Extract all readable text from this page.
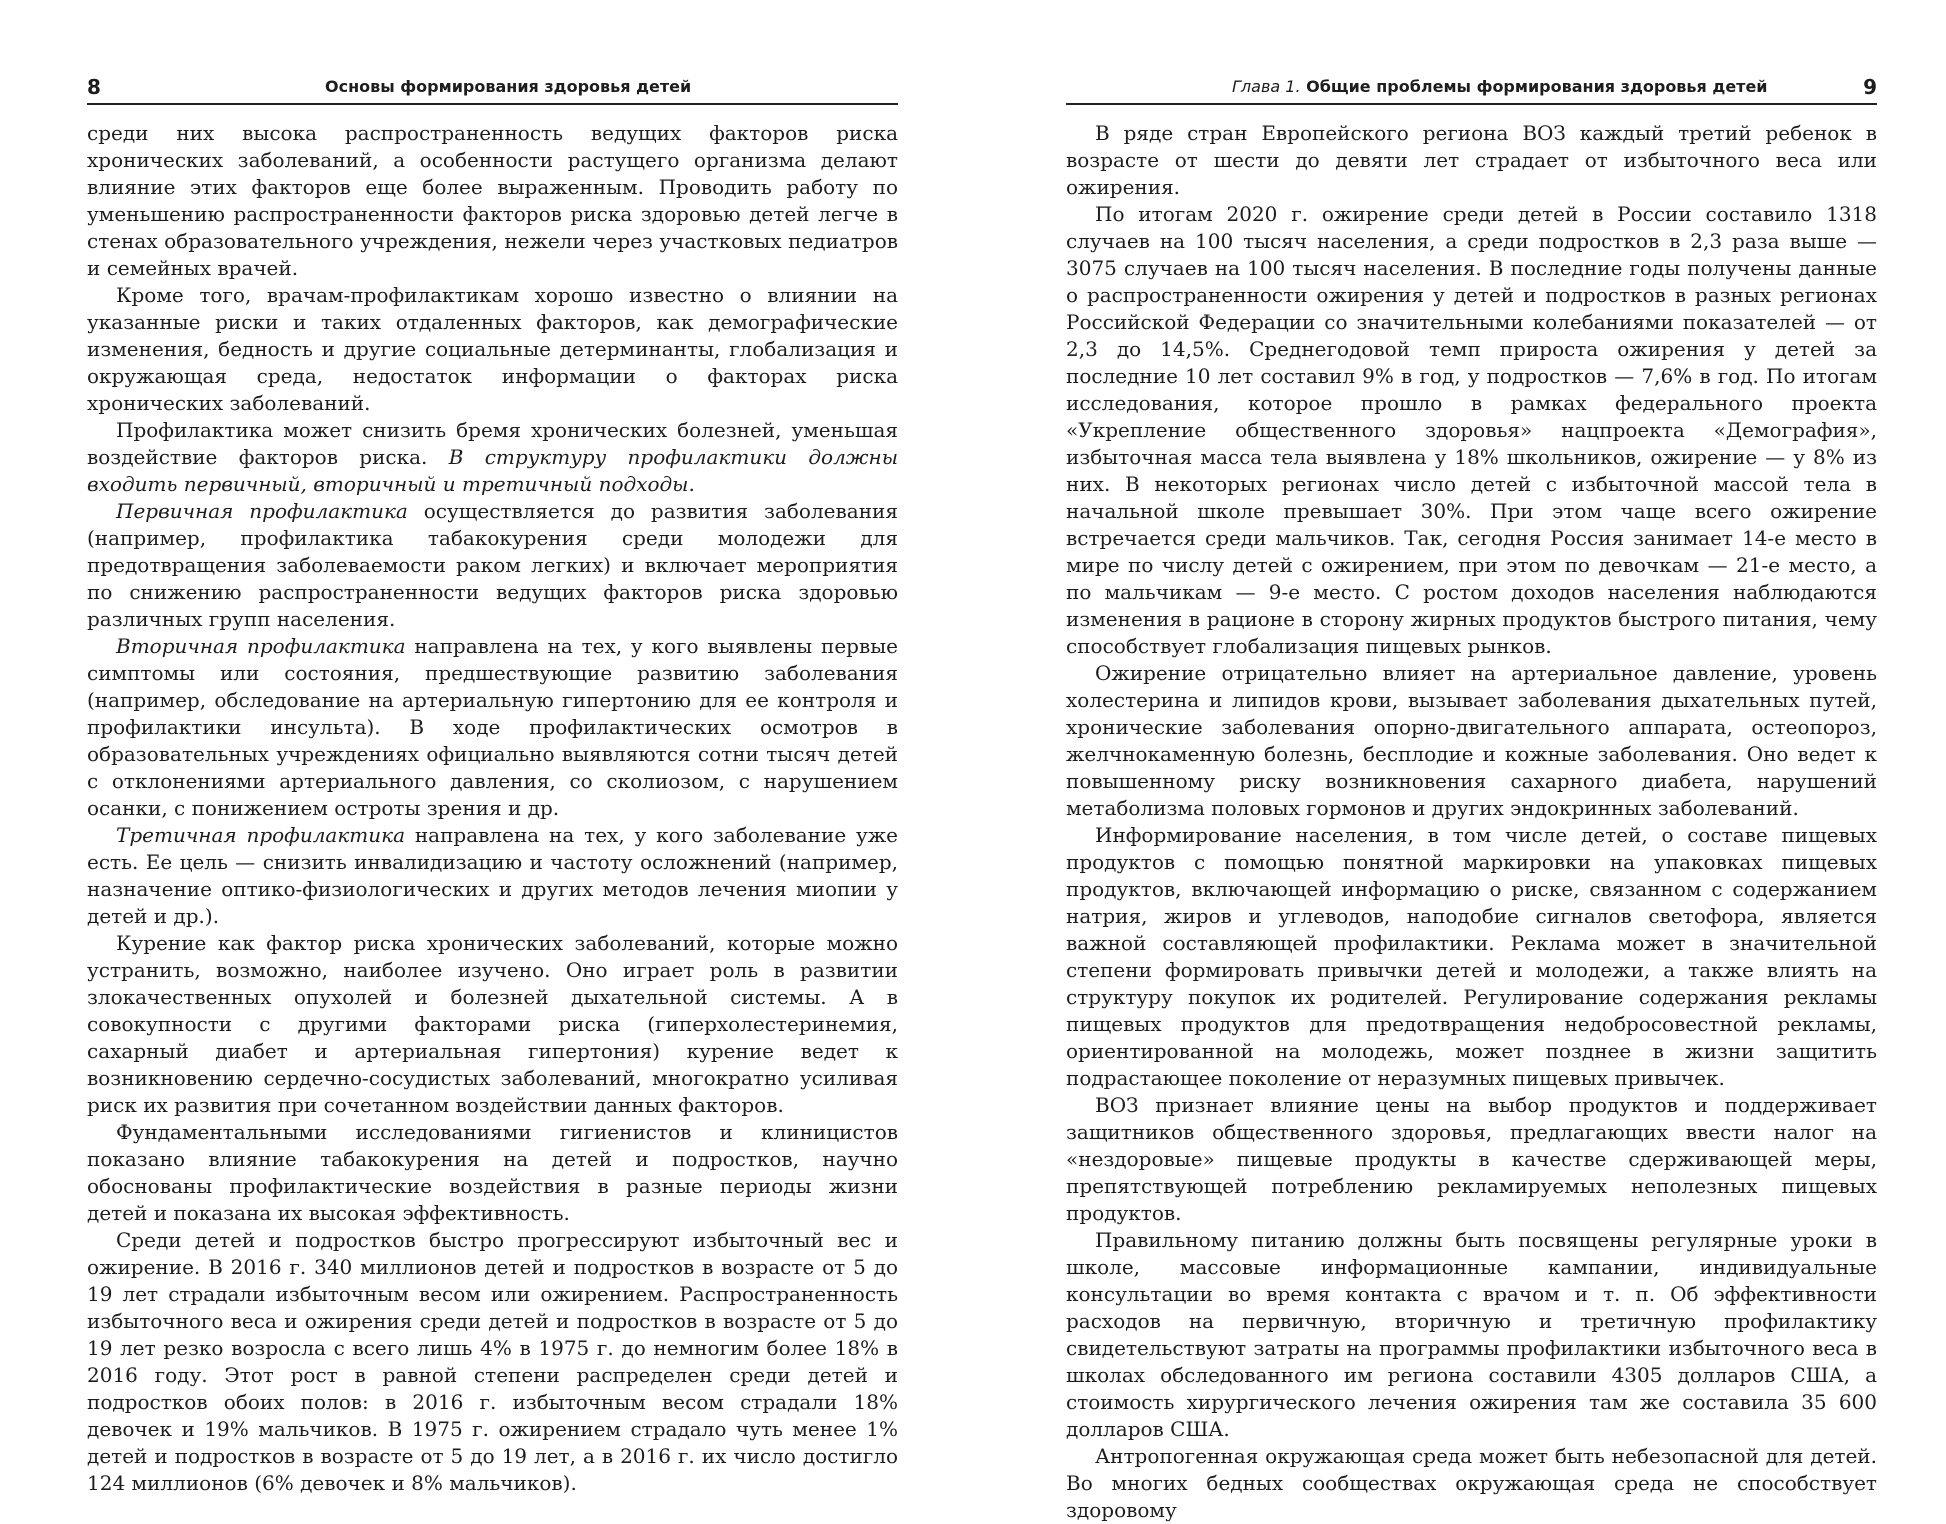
8	Основы формирования здоровья детей

среди них высока распространенность ведущих факторов риска хронических заболеваний, а особенности растущего организма делают влияние этих факторов еще более выраженным. Проводить работу по уменьшению распространенности факторов риска здоровью детей легче в стенах образовательного учреждения, нежели через участковых педиатров и семейных врачей.

Кроме того, врачам-профилактикам хорошо известно о влиянии на указанные риски и таких отдаленных факторов, как демографические изменения, бедность и другие социальные детерминанты, глобализация и окружающая среда, недостаток информации о факторах риска хронических заболеваний.

Профилактика может снизить бремя хронических болезней, уменьшая воздействие факторов риска. В структуру профилактики должны входить первичный, вторичный и третичный подходы.

Первичная профилактика осуществляется до развития заболевания (например, профилактика табакокурения среди молодежи для предотвращения заболеваемости раком легких) и включает мероприятия по снижению распространенности ведущих факторов риска здоровью различных групп населения.

Вторичная профилактика направлена на тех, у кого выявлены первые симптомы или состояния, предшествующие развитию заболевания (например, обследование на артериальную гипертонию для ее контроля и профилактики инсульта). В ходе профилактических осмотров в образовательных учреждениях официально выявляются сотни тысяч детей с отклонениями артериального давления, со сколиозом, с нарушением осанки, с понижением остроты зрения и др.

Третичная профилактика направлена на тех, у кого заболевание уже есть. Ее цель — снизить инвалидизацию и частоту осложнений (например, назначение оптико-физиологических и других методов лечения миопии у детей и др.).

Курение как фактор риска хронических заболеваний, которые можно устранить, возможно, наиболее изучено. Оно играет роль в развитии злокачественных опухолей и болезней дыхательной системы. А в совокупности с другими факторами риска (гиперхолестеринемия, сахарный диабет и артериальная гипертония) курение ведет к возникновению сердечно-сосудистых заболеваний, многократно усиливая риск их развития при сочетанном воздействии данных факторов.

Фундаментальными исследованиями гигиенистов и клиницистов показано влияние табакокурения на детей и подростков, научно обоснованы профилактические воздействия в разные периоды жизни детей и показана их высокая эффективность.

Среди детей и подростков быстро прогрессируют избыточный вес и ожирение. В 2016 г. 340 миллионов детей и подростков в возрасте от 5 до 19 лет страдали избыточным весом или ожирением. Распространенность избыточного веса и ожирения среди детей и подростков в возрасте от 5 до 19 лет резко возросла с всего лишь 4% в 1975 г. до немногим более 18% в 2016 году. Этот рост в равной степени распределен среди детей и подростков обоих полов: в 2016 г. избыточным весом страдали 18% девочек и 19% мальчиков. В 1975 г. ожирением страдало чуть менее 1% детей и подростков в возрасте от 5 до 19 лет, а в 2016 г. их число достигло 124 миллионов (6% девочек и 8% мальчиков).

Глава 1. Общие проблемы формирования здоровья детей	9

В ряде стран Европейского региона ВОЗ каждый третий ребенок в возрасте от шести до девяти лет страдает от избыточного веса или ожирения.

По итогам 2020 г. ожирение среди детей в России составило 1318 случаев на 100 тысяч населения, а среди подростков в 2,3 раза выше — 3075 случаев на 100 тысяч населения. В последние годы получены данные о распространенности ожирения у детей и подростков в разных регионах Российской Федерации со значительными колебаниями показателей — от 2,3 до 14,5%. Среднегодовой темп прироста ожирения у детей за последние 10 лет составил 9% в год, у подростков — 7,6% в год. По итогам исследования, которое прошло в рамках федерального проекта «Укрепление общественного здоровья» нацпроекта «Демография», избыточная масса тела выявлена у 18% школьников, ожирение — у 8% из них. В некоторых регионах число детей с избыточной массой тела в начальной школе превышает 30%. При этом чаще всего ожирение встречается среди мальчиков. Так, сегодня Россия занимает 14-е место в мире по числу детей с ожирением, при этом по девочкам — 21-е место, а по мальчикам — 9-е место. С ростом доходов населения наблюдаются изменения в рационе в сторону жирных продуктов быстрого питания, чему способствует глобализация пищевых рынков.

Ожирение отрицательно влияет на артериальное давление, уровень холестерина и липидов крови, вызывает заболевания дыхательных путей, хронические заболевания опорно-двигательного аппарата, остеопороз, желчнокаменную болезнь, бесплодие и кожные заболевания. Оно ведет к повышенному риску возникновения сахарного диабета, нарушений метаболизма половых гормонов и других эндокринных заболеваний.

Информирование населения, в том числе детей, о составе пищевых продуктов с помощью понятной маркировки на упаковках пищевых продуктов, включающей информацию о риске, связанном с содержанием натрия, жиров и углеводов, наподобие сигналов светофора, является важной составляющей профилактики. Реклама может в значительной степени формировать привычки детей и молодежи, а также влиять на структуру покупок их родителей. Регулирование содержания рекламы пищевых продуктов для предотвращения недобросовестной рекламы, ориентированной на молодежь, может позднее в жизни защитить подрастающее поколение от неразумных пищевых привычек.

ВОЗ признает влияние цены на выбор продуктов и поддерживает защитников общественного здоровья, предлагающих ввести налог на «нездоровые» пищевые продукты в качестве сдерживающей меры, препятствующей потреблению рекламируемых неполезных пищевых продуктов.

Правильному питанию должны быть посвящены регулярные уроки в школе, массовые информационные кампании, индивидуальные консультации во время контакта с врачом и т. п. Об эффективности расходов на первичную, вторичную и третичную профилактику свидетельствуют затраты на программы профилактики избыточного веса в школах обследованного им региона составили 4305 долларов США, а стоимость хирургического лечения ожирения там же составила 35 600 долларов США.

Антропогенная окружающая среда может быть небезопасной для детей. Во многих бедных сообществах окружающая среда не способствует здоровому
